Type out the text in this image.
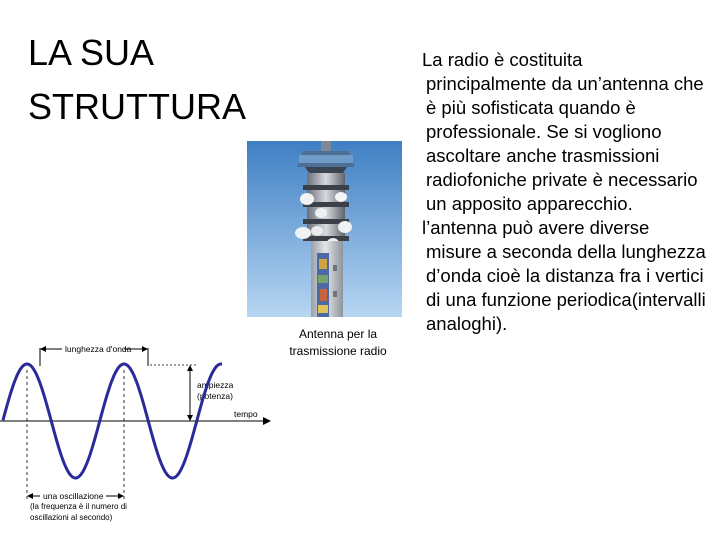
LA SUA
STRUTTURA
Antenna per la
trasmissione radio

La radio è costituita principalmente da un’antenna che è più sofisticata quando è professionale. Se si vogliono ascoltare anche trasmissioni radiofoniche private è necessario un apposito apparecchio.

l’antenna può avere diverse misure a seconda della lunghezza d’onda cioè la distanza fra i vertici di una funzione periodica(intervalli analoghi).

tempo
lunghezza d'onda
ampiezza
(potenza)
una oscillazione
(la frequenza è il numero di
oscillazioni al secondo)
